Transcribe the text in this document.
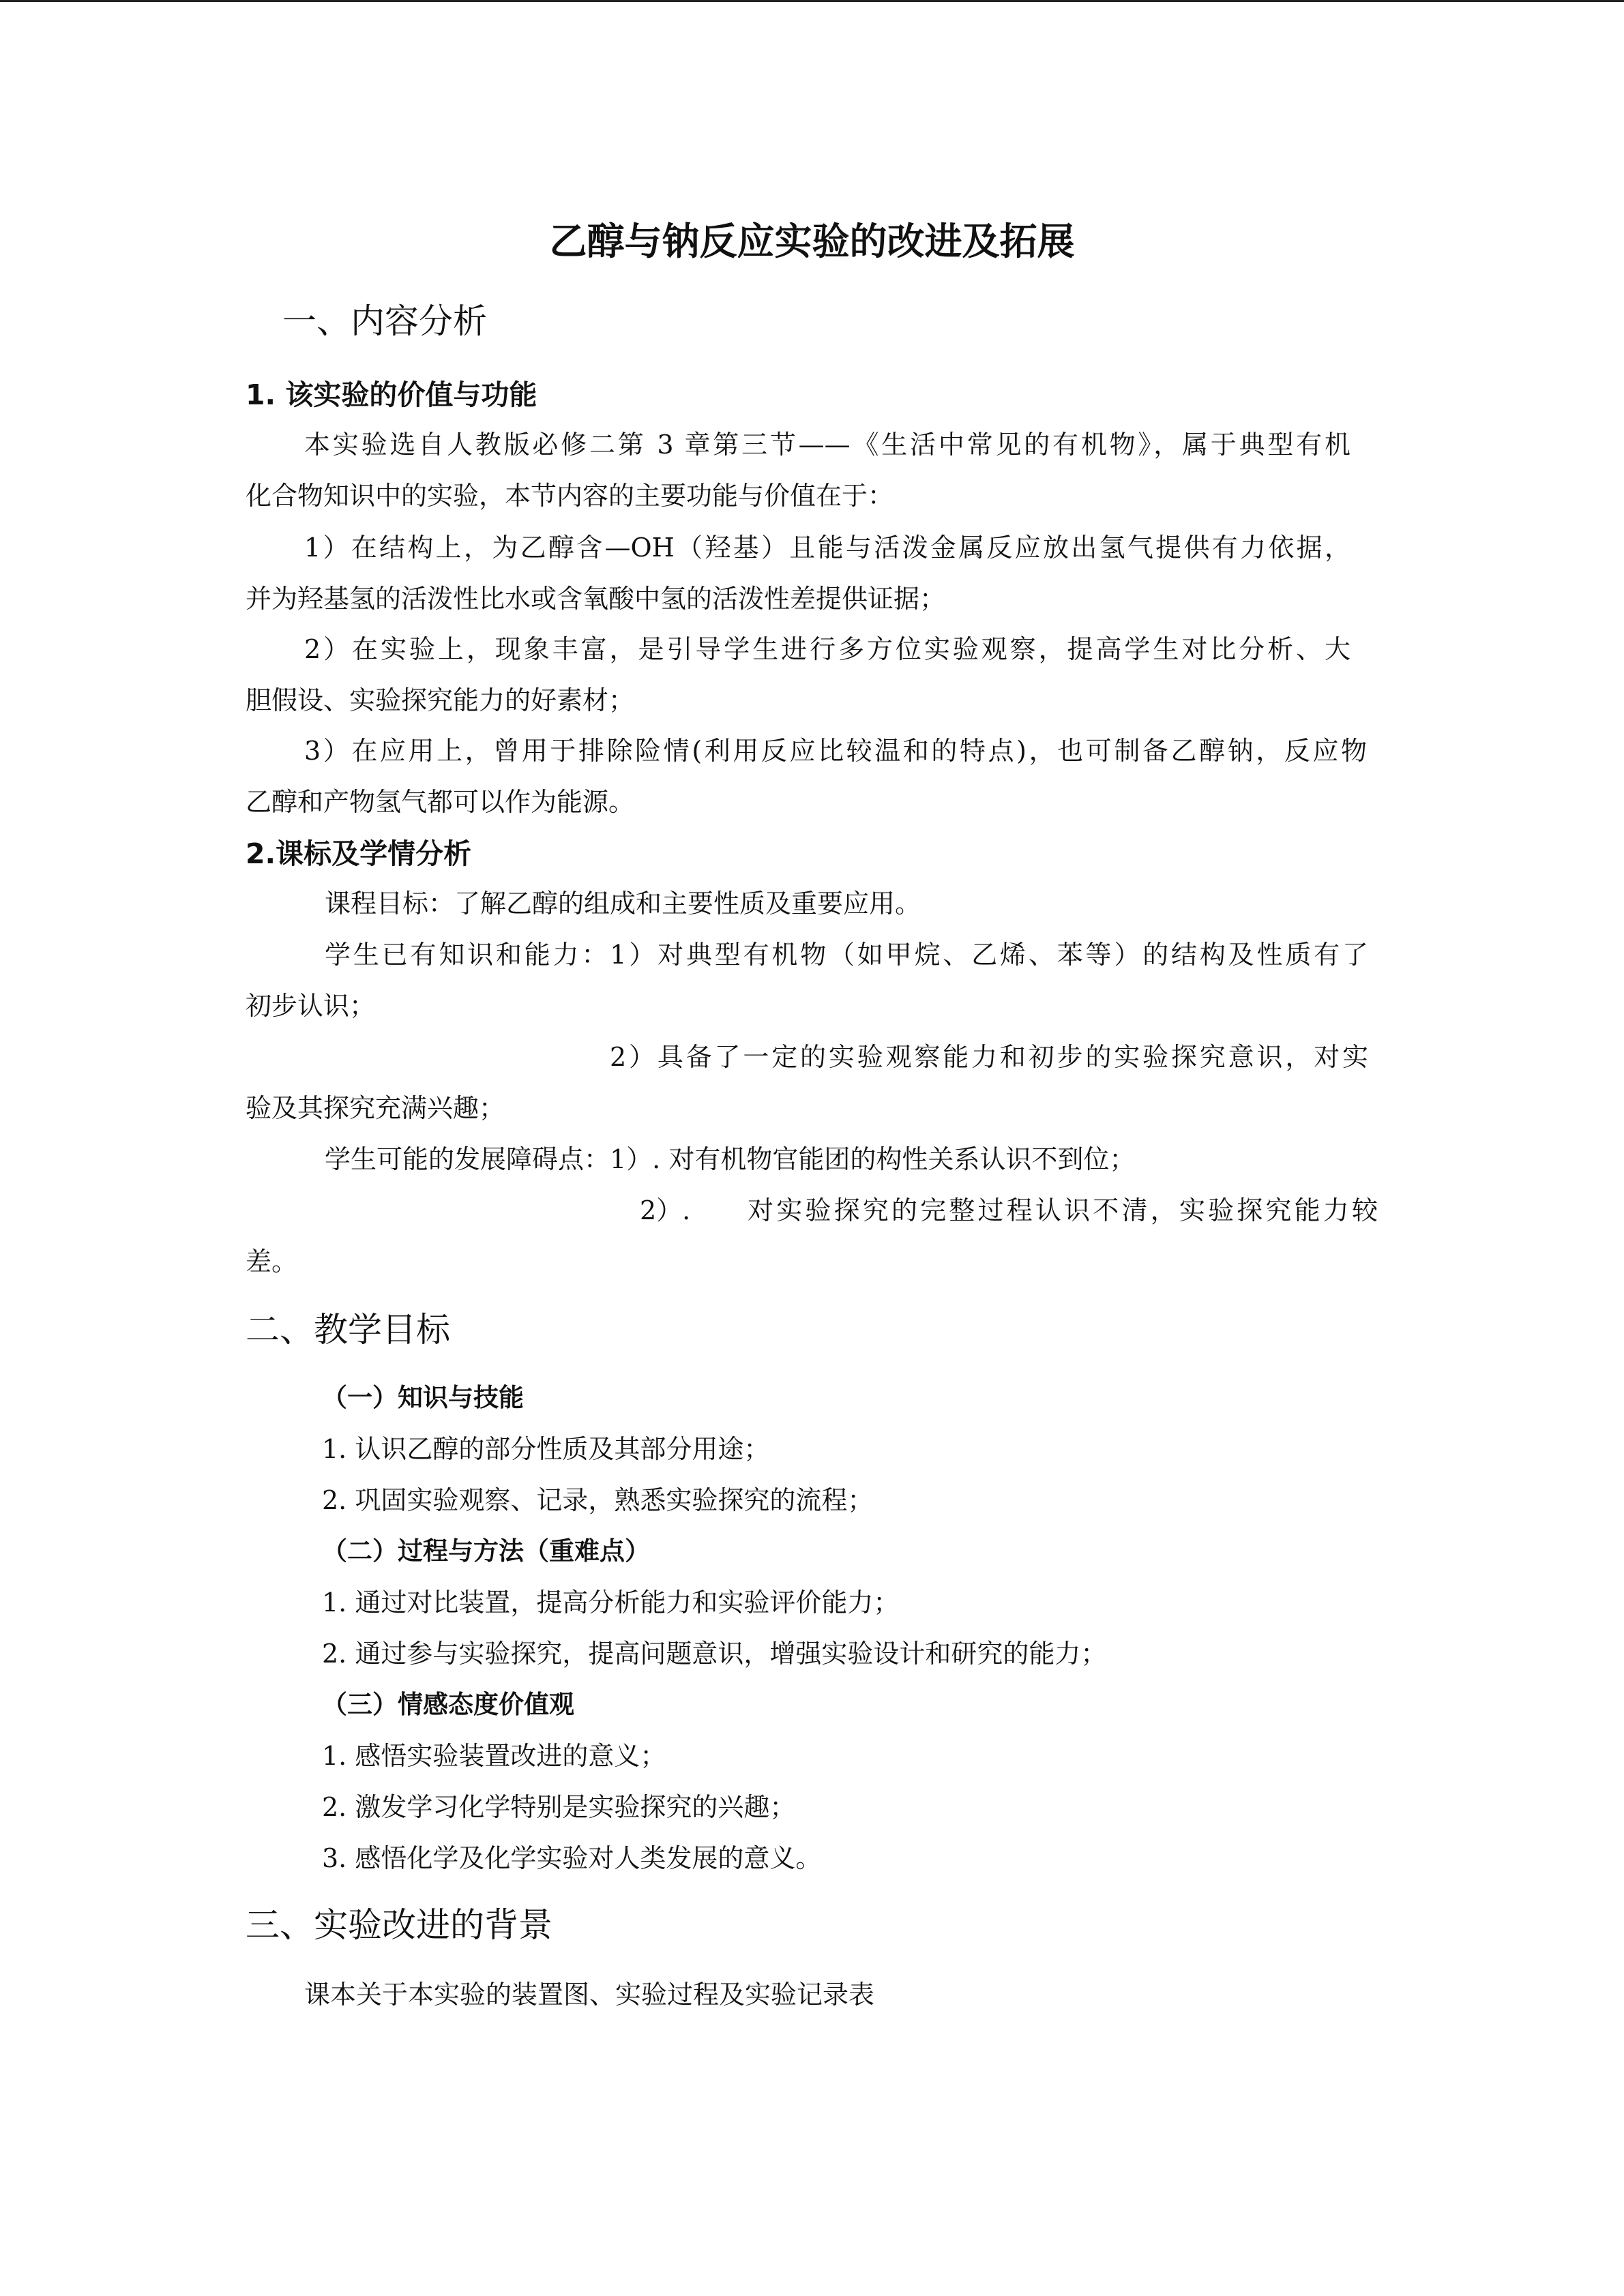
乙醇与钠反应实验的改进及拓展
一、内容分析
1. 该实验的价值与功能
本实验选自人教版必修二第 3 章第三节——《生活中常见的有机物》，属于典型有机
化合物知识中的实验，本节内容的主要功能与价值在于：
1）在结构上，为乙醇含—OH（羟基）且能与活泼金属反应放出氢气提供有力依据，
并为羟基氢的活泼性比水或含氧酸中氢的活泼性差提供证据；
2）在实验上，现象丰富，是引导学生进行多方位实验观察，提高学生对比分析、大
胆假设、实验探究能力的好素材；
3）在应用上，曾用于排除险情(利用反应比较温和的特点)，也可制备乙醇钠，反应物
乙醇和产物氢气都可以作为能源。
2.课标及学情分析
课程目标：了解乙醇的组成和主要性质及重要应用。
学生已有知识和能力：1）对典型有机物（如甲烷、乙烯、苯等）的结构及性质有了
初步认识；
2）具备了一定的实验观察能力和初步的实验探究意识，对实
验及其探究充满兴趣；
学生可能的发展障碍点：1）. 对有机物官能团的构性关系认识不到位；
2）. 对实验探究的完整过程认识不清，实验探究能力较
差。
二、教学目标
（一）知识与技能
1. 认识乙醇的部分性质及其部分用途；
2. 巩固实验观察、记录，熟悉实验探究的流程；
（二）过程与方法（重难点）
1. 通过对比装置，提高分析能力和实验评价能力；
2. 通过参与实验探究，提高问题意识，增强实验设计和研究的能力；
（三）情感态度价值观
1. 感悟实验装置改进的意义；
2. 激发学习化学特别是实验探究的兴趣；
3. 感悟化学及化学实验对人类发展的意义。
三、实验改进的背景
课本关于本实验的装置图、实验过程及实验记录表
